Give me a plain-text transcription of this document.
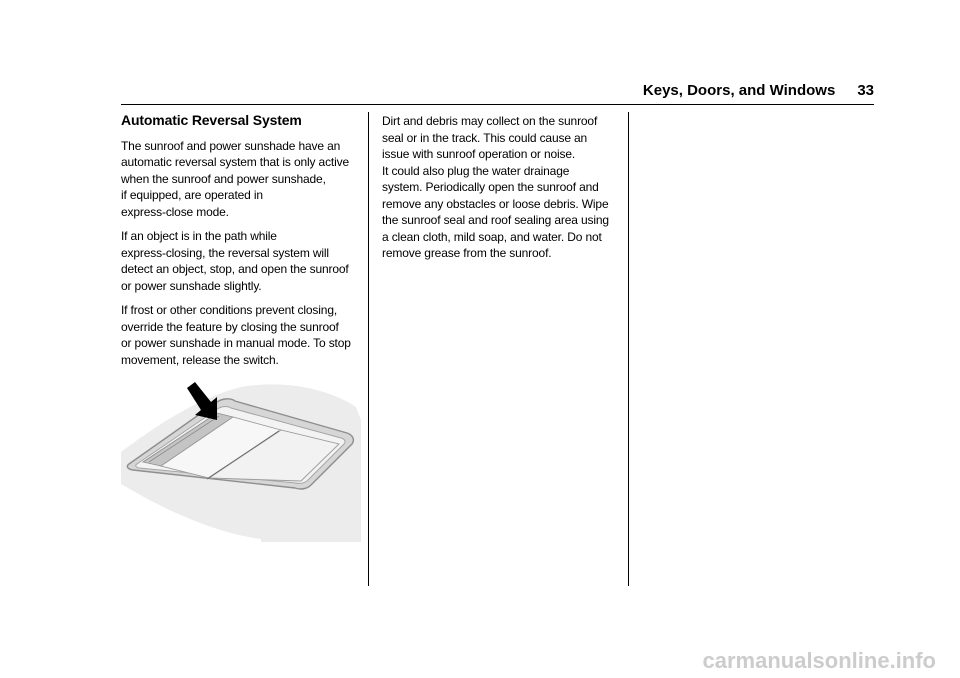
Keys, Doors, and Windows 33
Automatic Reversal System
The sunroof and power sunshade have an
automatic reversal system that is only active
when the sunroof and power sunshade,
if equipped, are operated in
express-close mode.
If an object is in the path while
express-closing, the reversal system will
detect an object, stop, and open the sunroof
or power sunshade slightly.
If frost or other conditions prevent closing,
override the feature by closing the sunroof
or power sunshade in manual mode. To stop
movement, release the switch.
Dirt and debris may collect on the sunroof
seal or in the track. This could cause an
issue with sunroof operation or noise.
It could also plug the water drainage
system. Periodically open the sunroof and
remove any obstacles or loose debris. Wipe
the sunroof seal and roof sealing area using
a clean cloth, mild soap, and water. Do not
remove grease from the sunroof.
carmanualsonline.info
